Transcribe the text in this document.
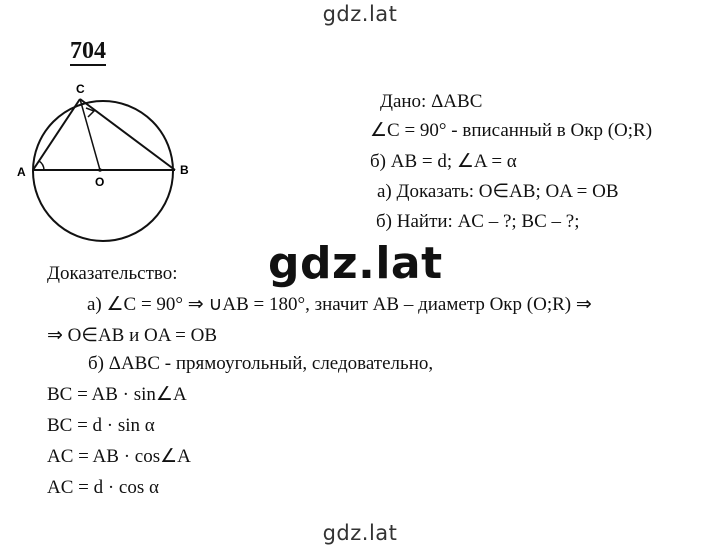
gdz.lat
704
A	B
C
O
Дано: ΔABC
∠C = 90° - вписанный в Окр (O;R)
б) AB = d; ∠A = α
а) Доказать: O∈AB; OA = OB
б) Найти: AC – ?; BC – ?;
gdz.lat
Доказательство:
а) ∠C = 90° ⇒ ∪AB = 180°, значит AB – диаметр Окр (O;R) ⇒
⇒ O∈AB и OA = OB
б) ΔABC - прямоугольный, следовательно,
BC = AB · sin∠A
BC = d · sin α
AC = AB · cos∠A
AC = d · cos α
gdz.lat
